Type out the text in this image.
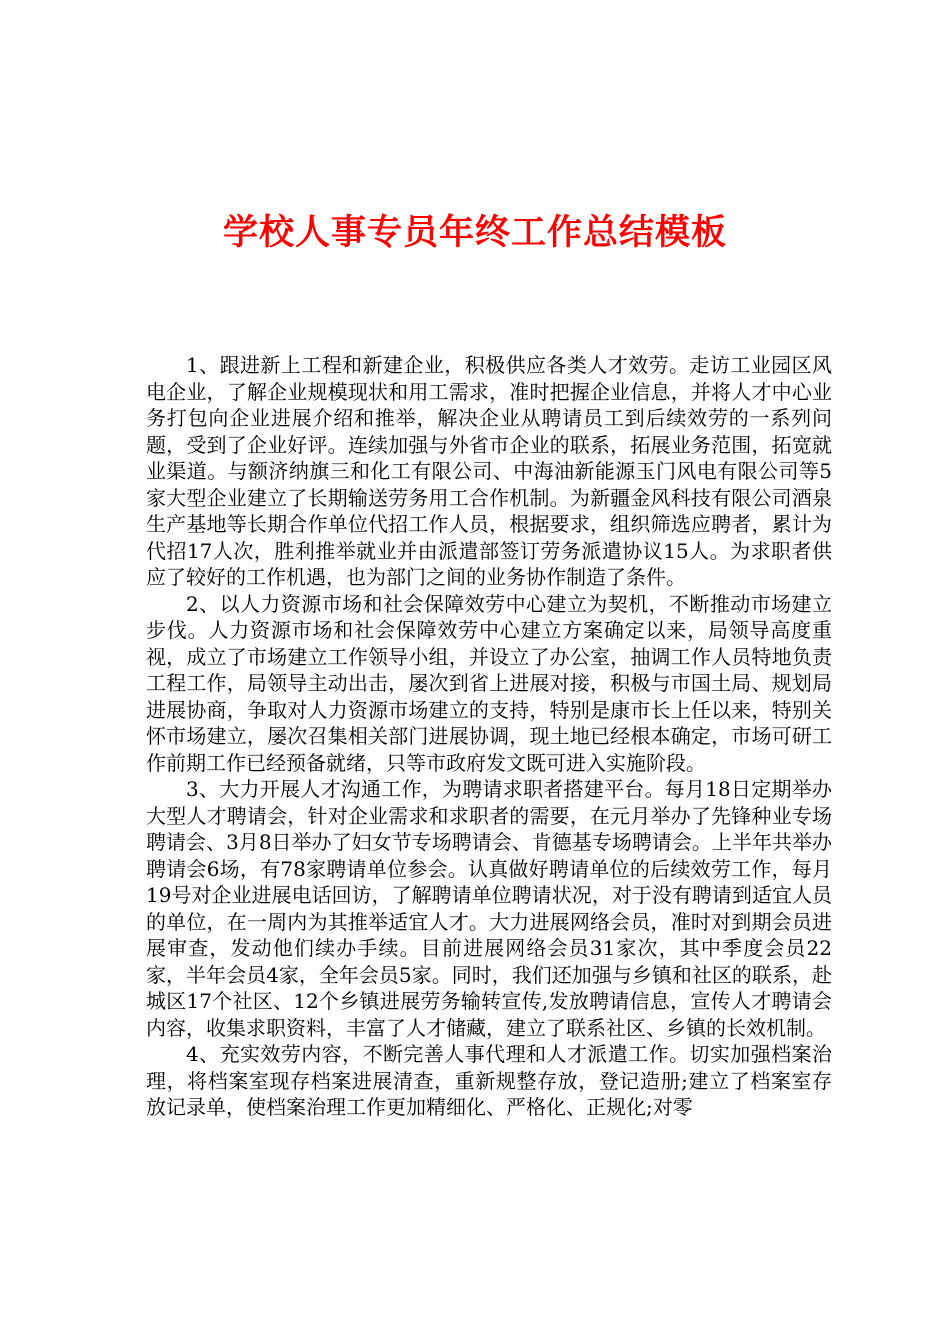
学校人事专员年终工作总结模板

1、跟进新上工程和新建企业，积极供应各类人才效劳。走访工业园区风电企业，了解企业规模现状和用工需求，准时把握企业信息，并将人才中心业务打包向企业进展介绍和推举，解决企业从聘请员工到后续效劳的一系列问题，受到了企业好评。连续加强与外省市企业的联系，拓展业务范围，拓宽就业渠道。与额济纳旗三和化工有限公司、中海油新能源玉门风电有限公司等5家大型企业建立了长期输送劳务用工合作机制。为新疆金风科技有限公司酒泉生产基地等长期合作单位代招工作人员，根据要求，组织筛选应聘者，累计为代招17人次，胜利推举就业并由派遣部签订劳务派遣协议15人。为求职者供应了较好的工作机遇，也为部门之间的业务协作制造了条件。

2、以人力资源市场和社会保障效劳中心建立为契机，不断推动市场建立步伐。人力资源市场和社会保障效劳中心建立方案确定以来，局领导高度重视，成立了市场建立工作领导小组，并设立了办公室，抽调工作人员特地负责工程工作，局领导主动出击，屡次到省上进展对接，积极与市国土局、规划局进展协商，争取对人力资源市场建立的支持，特别是康市长上任以来，特别关怀市场建立，屡次召集相关部门进展协调，现土地已经根本确定，市场可研工作前期工作已经预备就绪，只等市政府发文既可进入实施阶段。

3、大力开展人才沟通工作，为聘请求职者搭建平台。每月18日定期举办大型人才聘请会，针对企业需求和求职者的需要，在元月举办了先锋种业专场聘请会、3月8日举办了妇女节专场聘请会、肯德基专场聘请会。上半年共举办聘请会6场，有78家聘请单位参会。认真做好聘请单位的后续效劳工作，每月19号对企业进展电话回访，了解聘请单位聘请状况，对于没有聘请到适宜人员的单位，在一周内为其推举适宜人才。大力进展网络会员，准时对到期会员进展审查，发动他们续办手续。目前进展网络会员31家次，其中季度会员22家，半年会员4家，全年会员5家。同时，我们还加强与乡镇和社区的联系，赴城区17个社区、12个乡镇进展劳务输转宣传,发放聘请信息，宣传人才聘请会内容，收集求职资料，丰富了人才储藏，建立了联系社区、乡镇的长效机制。

4、充实效劳内容，不断完善人事代理和人才派遣工作。切实加强档案治理，将档案室现存档案进展清查，重新规整存放，登记造册;建立了档案室存放记录单，使档案治理工作更加精细化、严格化、正规化;对零
